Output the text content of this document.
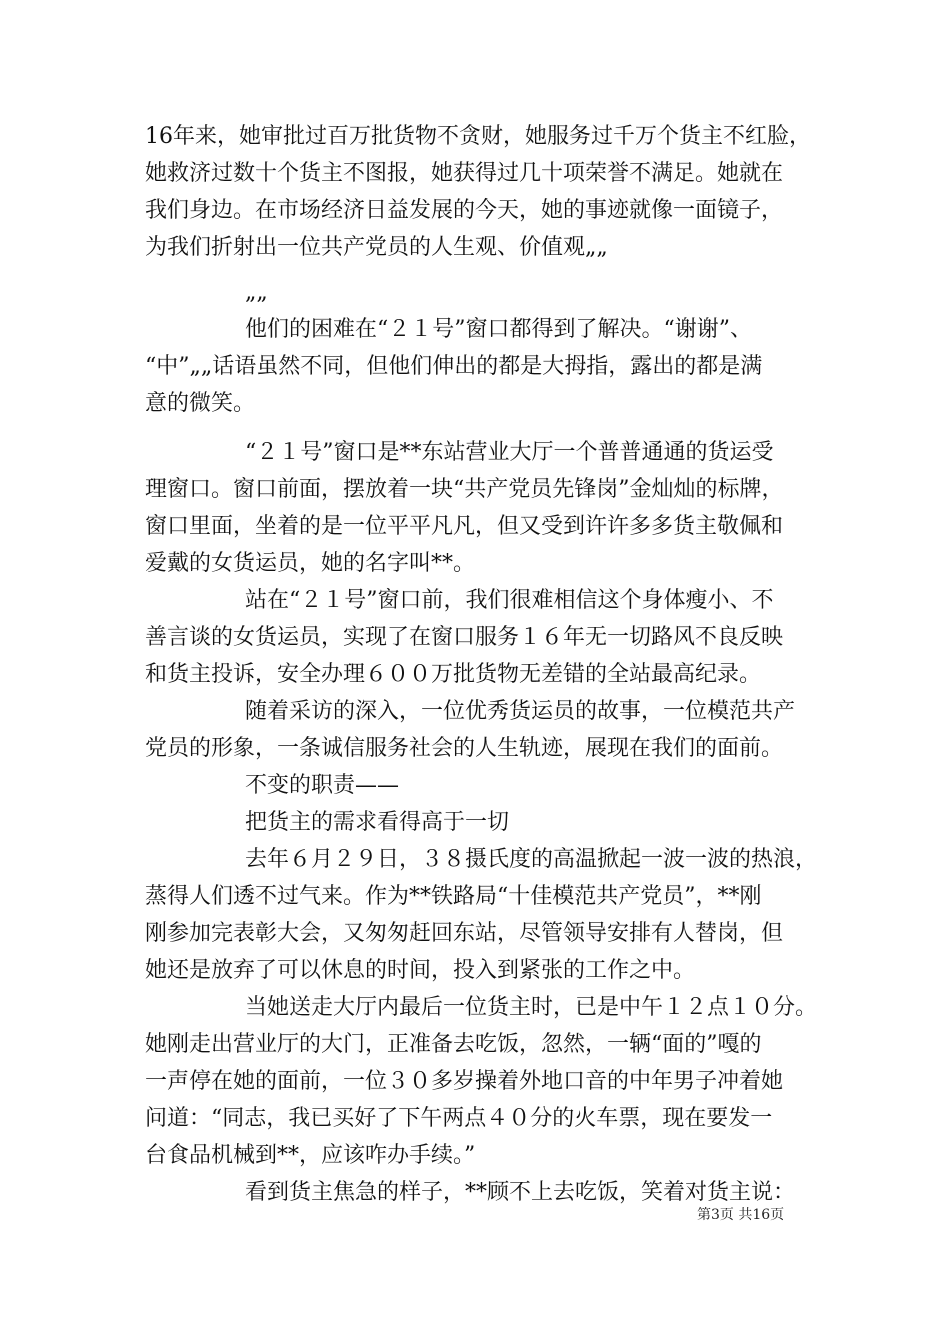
16年来，她审批过百万批货物不贪财，她服务过千万个货主不红脸，
她救济过数十个货主不图报，她获得过几十项荣誉不满足。她就在
我们身边。在市场经济日益发展的今天，她的事迹就像一面镜子，
为我们折射出一位共产党员的人生观、价值观„„
„„
他们的困难在“２１号”窗口都得到了解决。“谢谢”、
“中”„„话语虽然不同，但他们伸出的都是大拇指，露出的都是满
意的微笑。
“２１号”窗口是**东站营业大厅一个普普通通的货运受
理窗口。窗口前面，摆放着一块“共产党员先锋岗”金灿灿的标牌，
窗口里面，坐着的是一位平平凡凡，但又受到许许多多货主敬佩和
爱戴的女货运员，她的名字叫**。
站在“２１号”窗口前，我们很难相信这个身体瘦小、不
善言谈的女货运员，实现了在窗口服务１６年无一切路风不良反映
和货主投诉，安全办理６００万批货物无差错的全站最高纪录。
随着采访的深入，一位优秀货运员的故事，一位模范共产
党员的形象，一条诚信服务社会的人生轨迹，展现在我们的面前。
不变的职责——
把货主的需求看得高于一切
去年６月２９日，３８摄氏度的高温掀起一波一波的热浪，
蒸得人们透不过气来。作为**铁路局“十佳模范共产党员”，**刚
刚参加完表彰大会，又匆匆赶回东站，尽管领导安排有人替岗，但
她还是放弃了可以休息的时间，投入到紧张的工作之中。
当她送走大厅内最后一位货主时，已是中午１２点１０分。
她刚走出营业厅的大门，正准备去吃饭，忽然，一辆“面的”嘎的
一声停在她的面前，一位３０多岁操着外地口音的中年男子冲着她
问道：“同志，我已买好了下午两点４０分的火车票，现在要发一
台食品机械到**，应该咋办手续。”
看到货主焦急的样子，**顾不上去吃饭，笑着对货主说：
第3页 共16页
